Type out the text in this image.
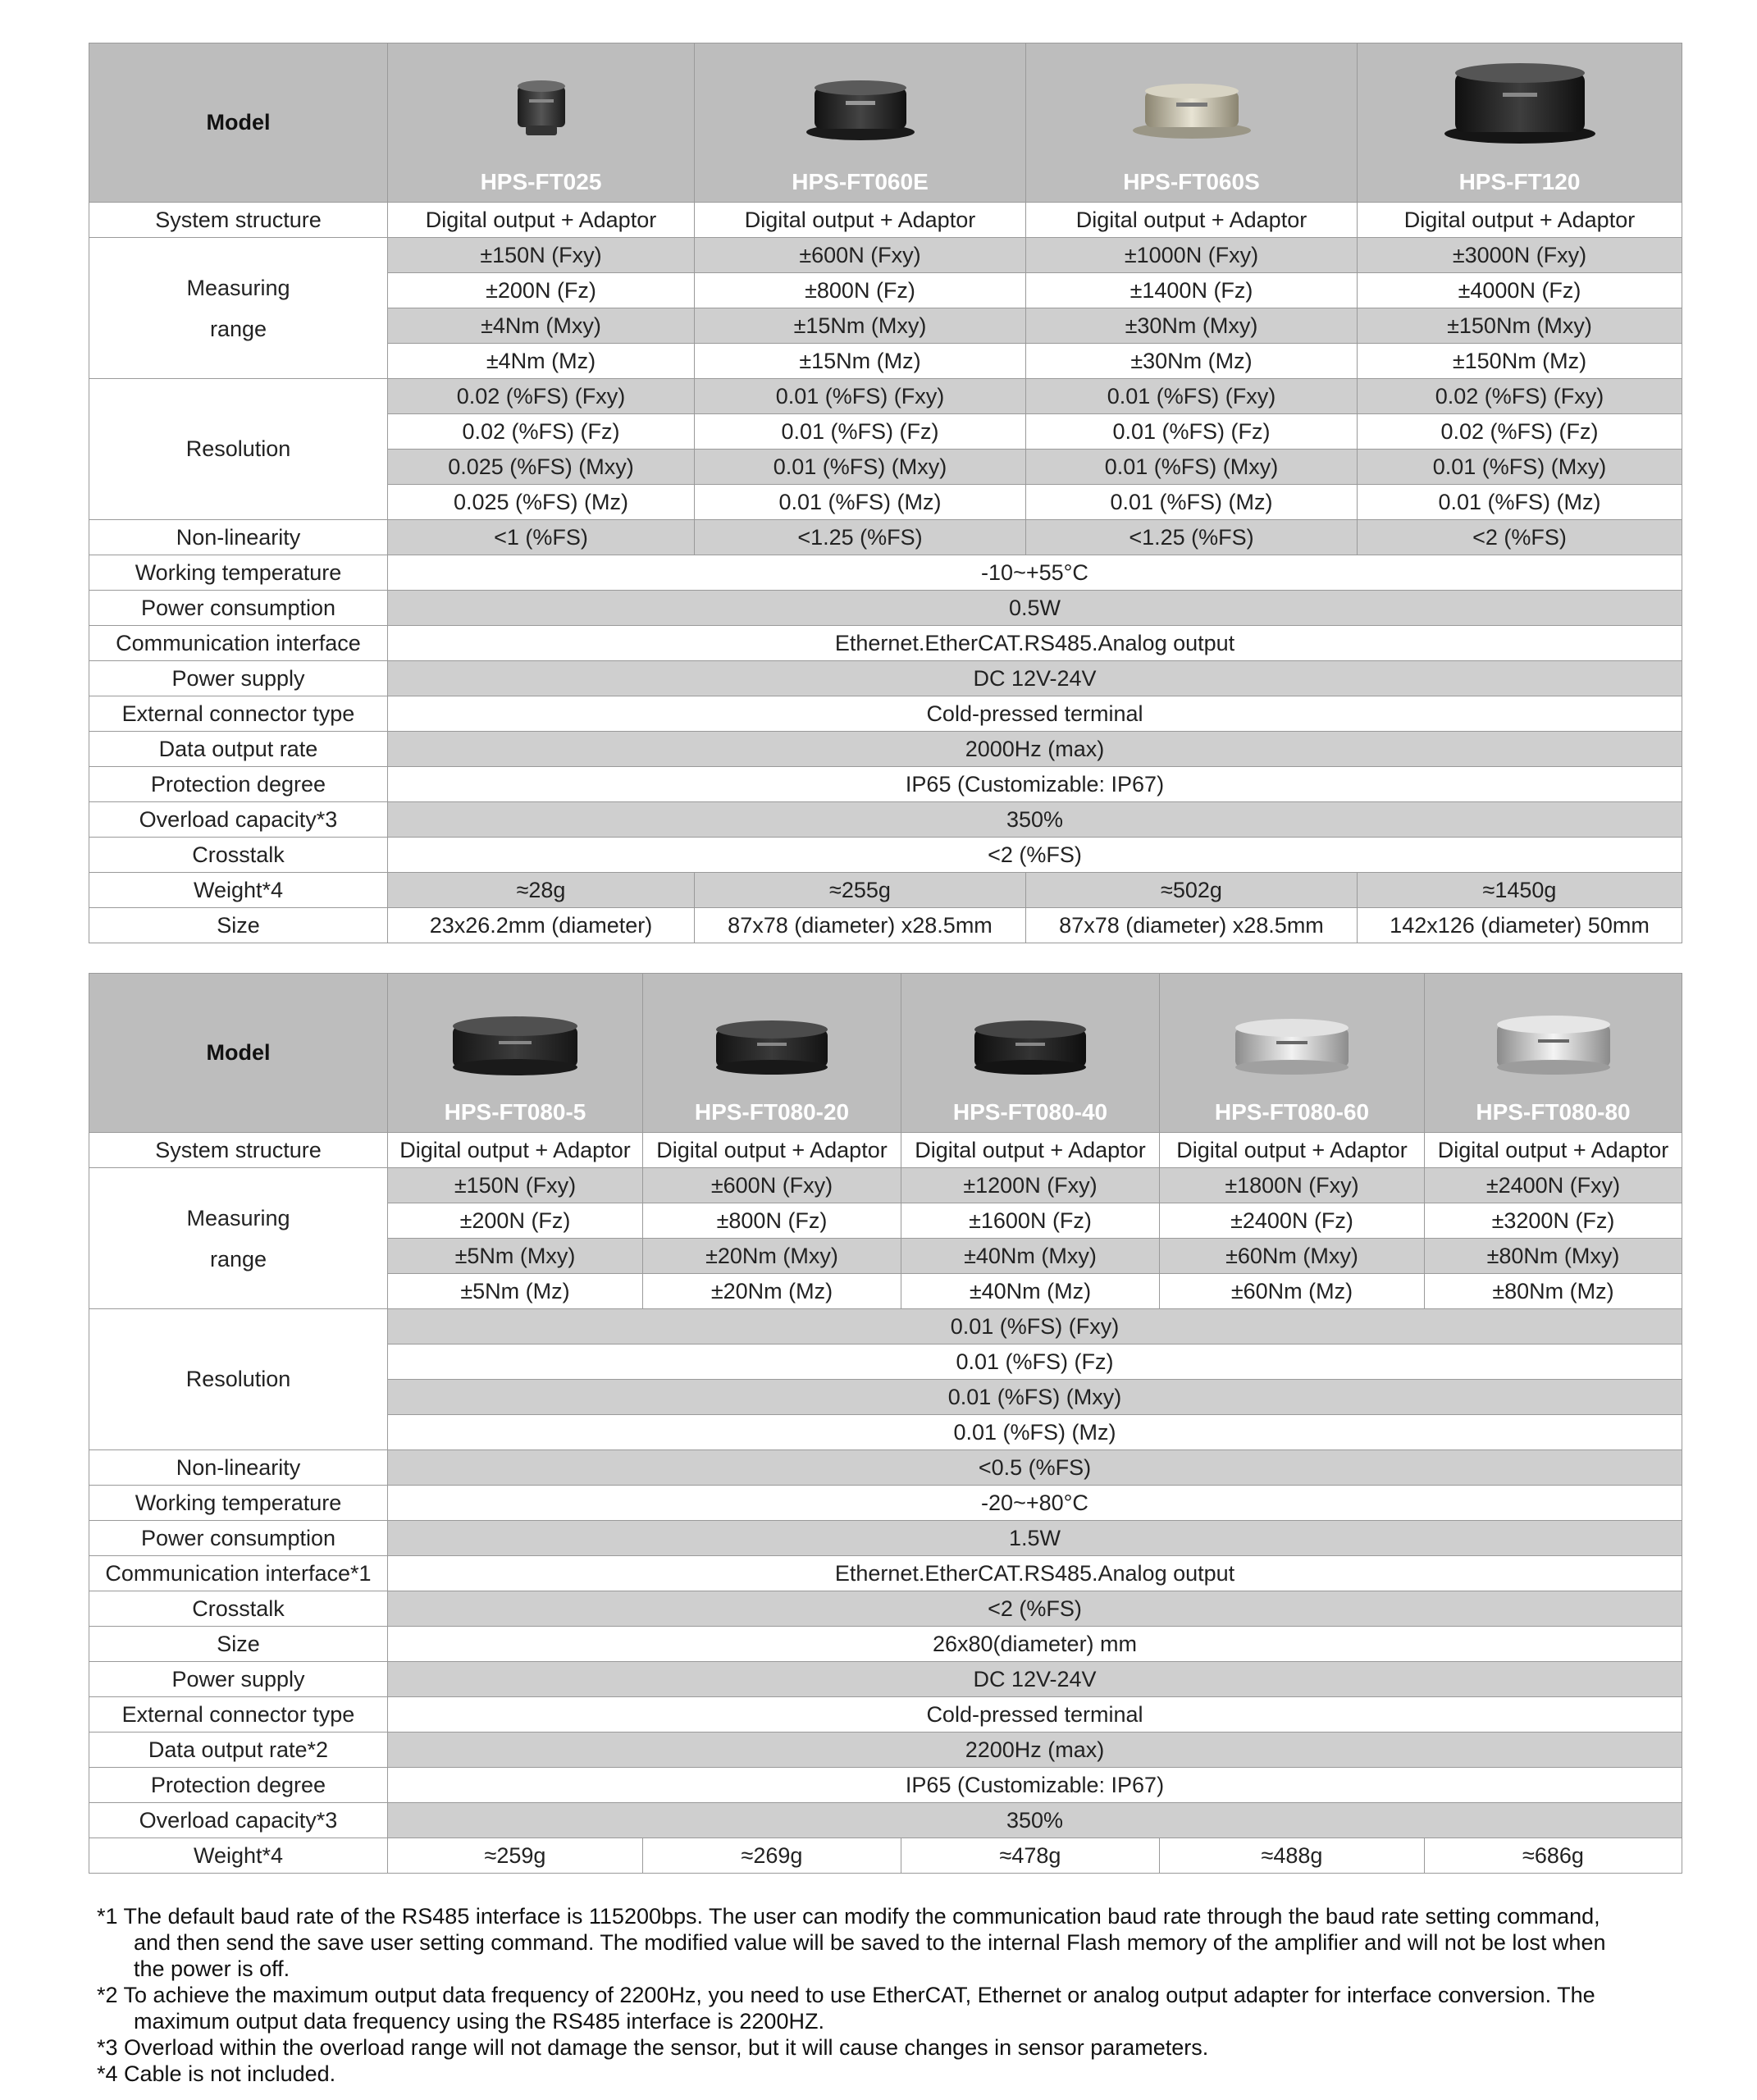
Model	HPS-FT025	HPS-FT060E	HPS-FT060S	HPS-FT120

System structure	Digital output + Adaptor	Digital output + Adaptor	Digital output + Adaptor	Digital output + Adaptor

Measuring
range	±150N (Fxy)	±600N (Fxy)	±1000N (Fxy)	±3000N (Fxy)
	±200N (Fz)	±800N (Fz)	±1400N (Fz)	±4000N (Fz)
	±4Nm (Mxy)	±15Nm (Mxy)	±30Nm (Mxy)	±150Nm (Mxy)
	±4Nm (Mz)	±15Nm (Mz)	±30Nm (Mz)	±150Nm (Mz)
Resolution	0.02 (%FS) (Fxy)	0.01 (%FS) (Fxy)	0.01 (%FS) (Fxy)	0.02 (%FS) (Fxy)
	0.02 (%FS) (Fz)	0.01 (%FS) (Fz)	0.01 (%FS) (Fz)	0.02 (%FS) (Fz)
	0.025 (%FS) (Mxy)	0.01 (%FS) (Mxy)	0.01 (%FS) (Mxy)	0.01 (%FS) (Mxy)
	0.025 (%FS) (Mz)	0.01 (%FS) (Mz)	0.01 (%FS) (Mz)	0.01 (%FS) (Mz)
Non-linearity	<1 (%FS)	<1.25 (%FS)	<1.25 (%FS)	<2 (%FS)
Working temperature	-10~+55°C			
Power consumption	0.5W			
Communication interface	Ethernet.EtherCAT.RS485.Analog output			
Power supply	DC 12V-24V			
External connector type	Cold-pressed terminal			
Data output rate	2000Hz (max)			
Protection degree	IP65 (Customizable: IP67)			
Overload capacity*3	350%			
Crosstalk	<2 (%FS)			
Weight*4	≈28g	≈255g	≈502g	≈1450g
Size	23x26.2mm (diameter)	87x78 (diameter) x28.5mm	87x78 (diameter) x28.5mm	142x126 (diameter) 50mm
Model	HPS-FT080-5	HPS-FT080-20	HPS-FT080-40	HPS-FT080-60	HPS-FT080-80

System structure	Digital output + Adaptor	Digital output + Adaptor	Digital output + Adaptor	Digital output + Adaptor	Digital output + Adaptor

Measuring
range	±150N (Fxy)	±600N (Fxy)	±1200N (Fxy)	±1800N (Fxy)	±2400N (Fxy)
	±200N (Fz)	±800N (Fz)	±1600N (Fz)	±2400N (Fz)	±3200N (Fz)
	±5Nm (Mxy)	±20Nm (Mxy)	±40Nm (Mxy)	±60Nm (Mxy)	±80Nm (Mxy)
	±5Nm (Mz)	±20Nm (Mz)	±40Nm (Mz)	±60Nm (Mz)	±80Nm (Mz)
Resolution	0.01 (%FS) (Fxy)				
	0.01 (%FS) (Fz)				
	0.01 (%FS) (Mxy)				
	0.01 (%FS) (Mz)				
Non-linearity	<0.5 (%FS)				
Working temperature	-20~+80°C				
Power consumption	1.5W				
Communication interface*1	Ethernet.EtherCAT.RS485.Analog output				
Crosstalk	<2 (%FS)				
Size	26x80(diameter) mm				
Power supply	DC 12V-24V				
External connector type	Cold-pressed terminal				
Data output rate*2	2200Hz (max)				
Protection degree	IP65 (Customizable: IP67)				
Overload capacity*3	350%				
Weight*4	≈259g	≈269g	≈478g	≈488g	≈686g

*1 The default baud rate of the RS485 interface is 115200bps. The user can modify the communication baud rate through the baud rate setting command,
and then send the save user setting command. The modified value will be saved to the internal Flash memory of the amplifier and will not be lost when
the power is off.

*2 To achieve the maximum output data frequency of 2200Hz, you need to use EtherCAT, Ethernet or analog output adapter for interface conversion. The
maximum output data frequency using the RS485 interface is 2200HZ.

*3 Overload within the overload range will not damage the sensor, but it will cause changes in sensor parameters.

*4 Cable is not included.
